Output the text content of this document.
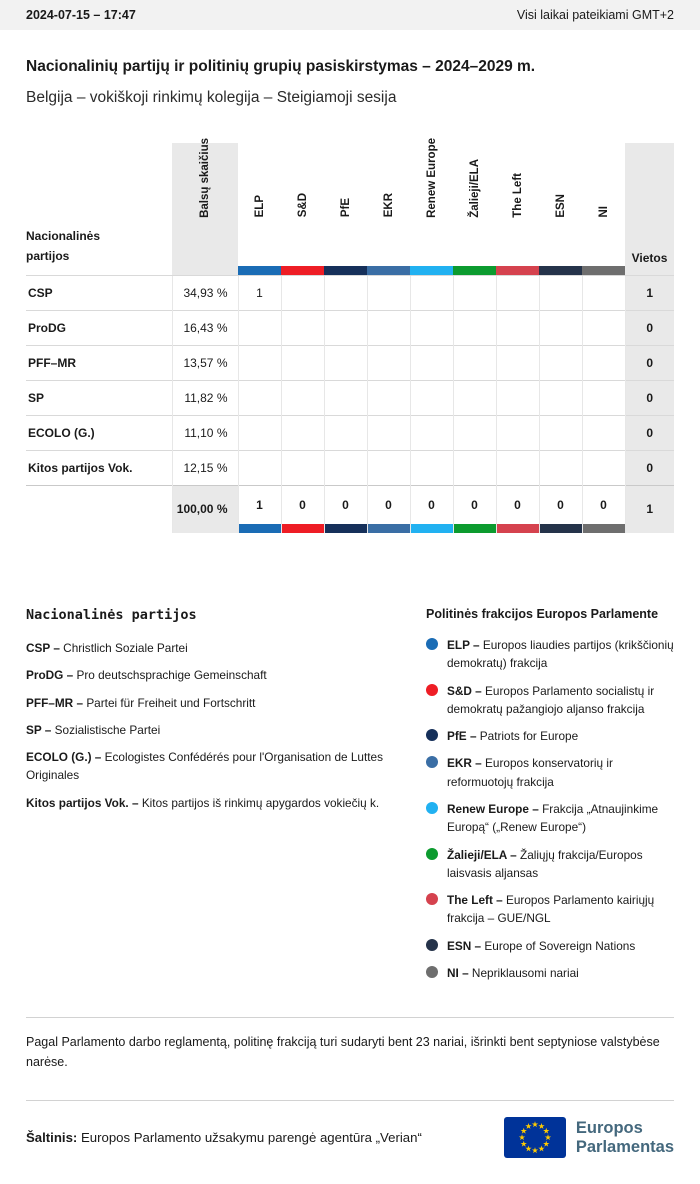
2024-07-15 – 17:47	Visi laikai pateikiami GMT+2
Nacionalinių partijų ir politinių grupių pasiskirstymas – 2024–2029 m.
Belgija – vokiškoji rinkimų kolegija – Steigiamoji sesija
Nacionalinės partijos	Balsų skaičius	ELP	S&D	PfE	EKR	Renew Europe	Žalieji/ELA	The Left	ESN	NI	Vietos

CSP	34,93 %	1									1
ProDG	16,43 %										0
PFF–MR	13,57 %										0
SP	11,82 %										0
ECOLO (G.)	11,10 %										0
Kitos partijos Vok.	12,15 %										0
	100,00 %	1	0	0	0	0	0	0	0	0	1
Nacionalinės partijos
CSP – Christlich Soziale Partei
ProDG – Pro deutschsprachige Gemeinschaft
PFF–MR – Partei für Freiheit und Fortschritt
SP – Sozialistische Partei
ECOLO (G.) – Ecologistes Confédérés pour l'Organisation de Luttes Originales
Kitos partijos Vok. – Kitos partijos iš rinkimų apygardos vokiečių k.
Politinės frakcijos Europos Parlamente
ELP – Europos liaudies partijos (krikščionių demokratų) frakcija
S&D – Europos Parlamento socialistų ir demokratų pažangiojo aljanso frakcija
PfE – Patriots for Europe
EKR – Europos konservatorių ir reformuotojų frakcija
Renew Europe – Frakcija „Atnaujinkime Europą“ („Renew Europe“)
Žalieji/ELA – Žaliųjų frakcija/Europos laisvasis aljansas
The Left – Europos Parlamento kairiųjų frakcija – GUE/NGL
ESN – Europe of Sovereign Nations
NI – Nepriklausomi nariai

Pagal Parlamento darbo reglamentą, politinę frakciją turi sudaryti bent 23 nariai, išrinkti bent septyniose valstybėse narėse.

Šaltinis: Europos Parlamento užsakymu parengė agentūra „Verian“

Europos
Parlamentas
